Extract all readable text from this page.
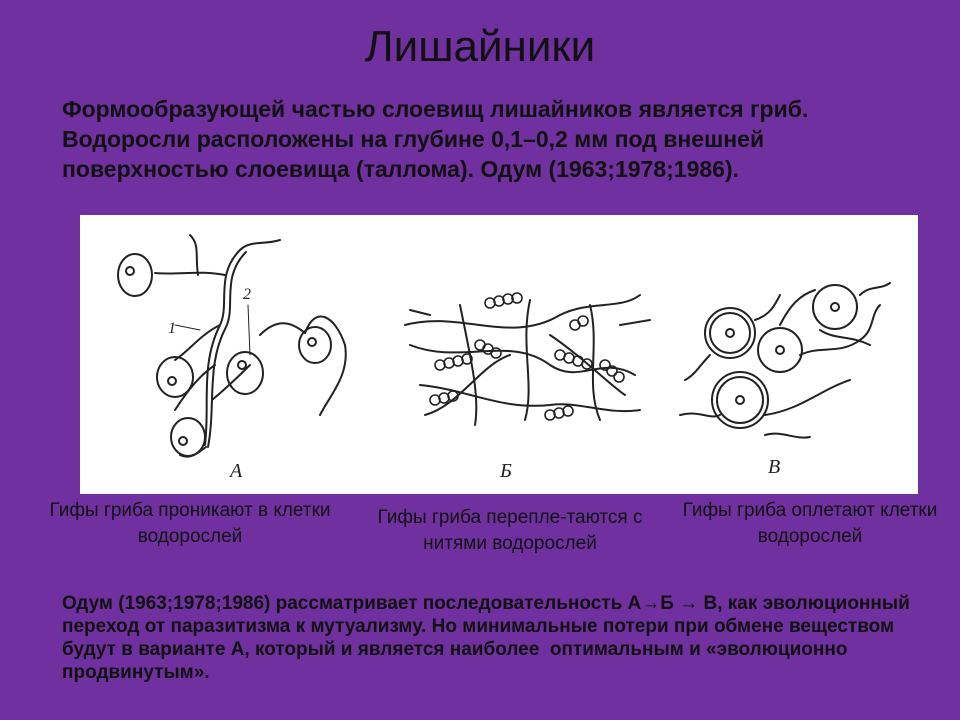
Лишайники
Формообразующей частью слоевищ лишайников является гриб. Водоросли расположены на глубине 0,1–0,2 мм под внешней поверхностью слоевища (таллома). Одум (1963;1978;1986).
А	Б	В
1
2
Гифы гриба проникают в клетки водорослей
Гифы гриба перепле-таются с нитями водорослей
Гифы гриба оплетают клетки водорослей
Одум (1963;1978;1986) рассматривает последовательность А→Б → В, как эволюционный переход от паразитизма к мутуализму. Но минимальные потери при обмене веществом будут в варианте А, который и является наиболее  оптимальным и «эволюционно продвинутым».
